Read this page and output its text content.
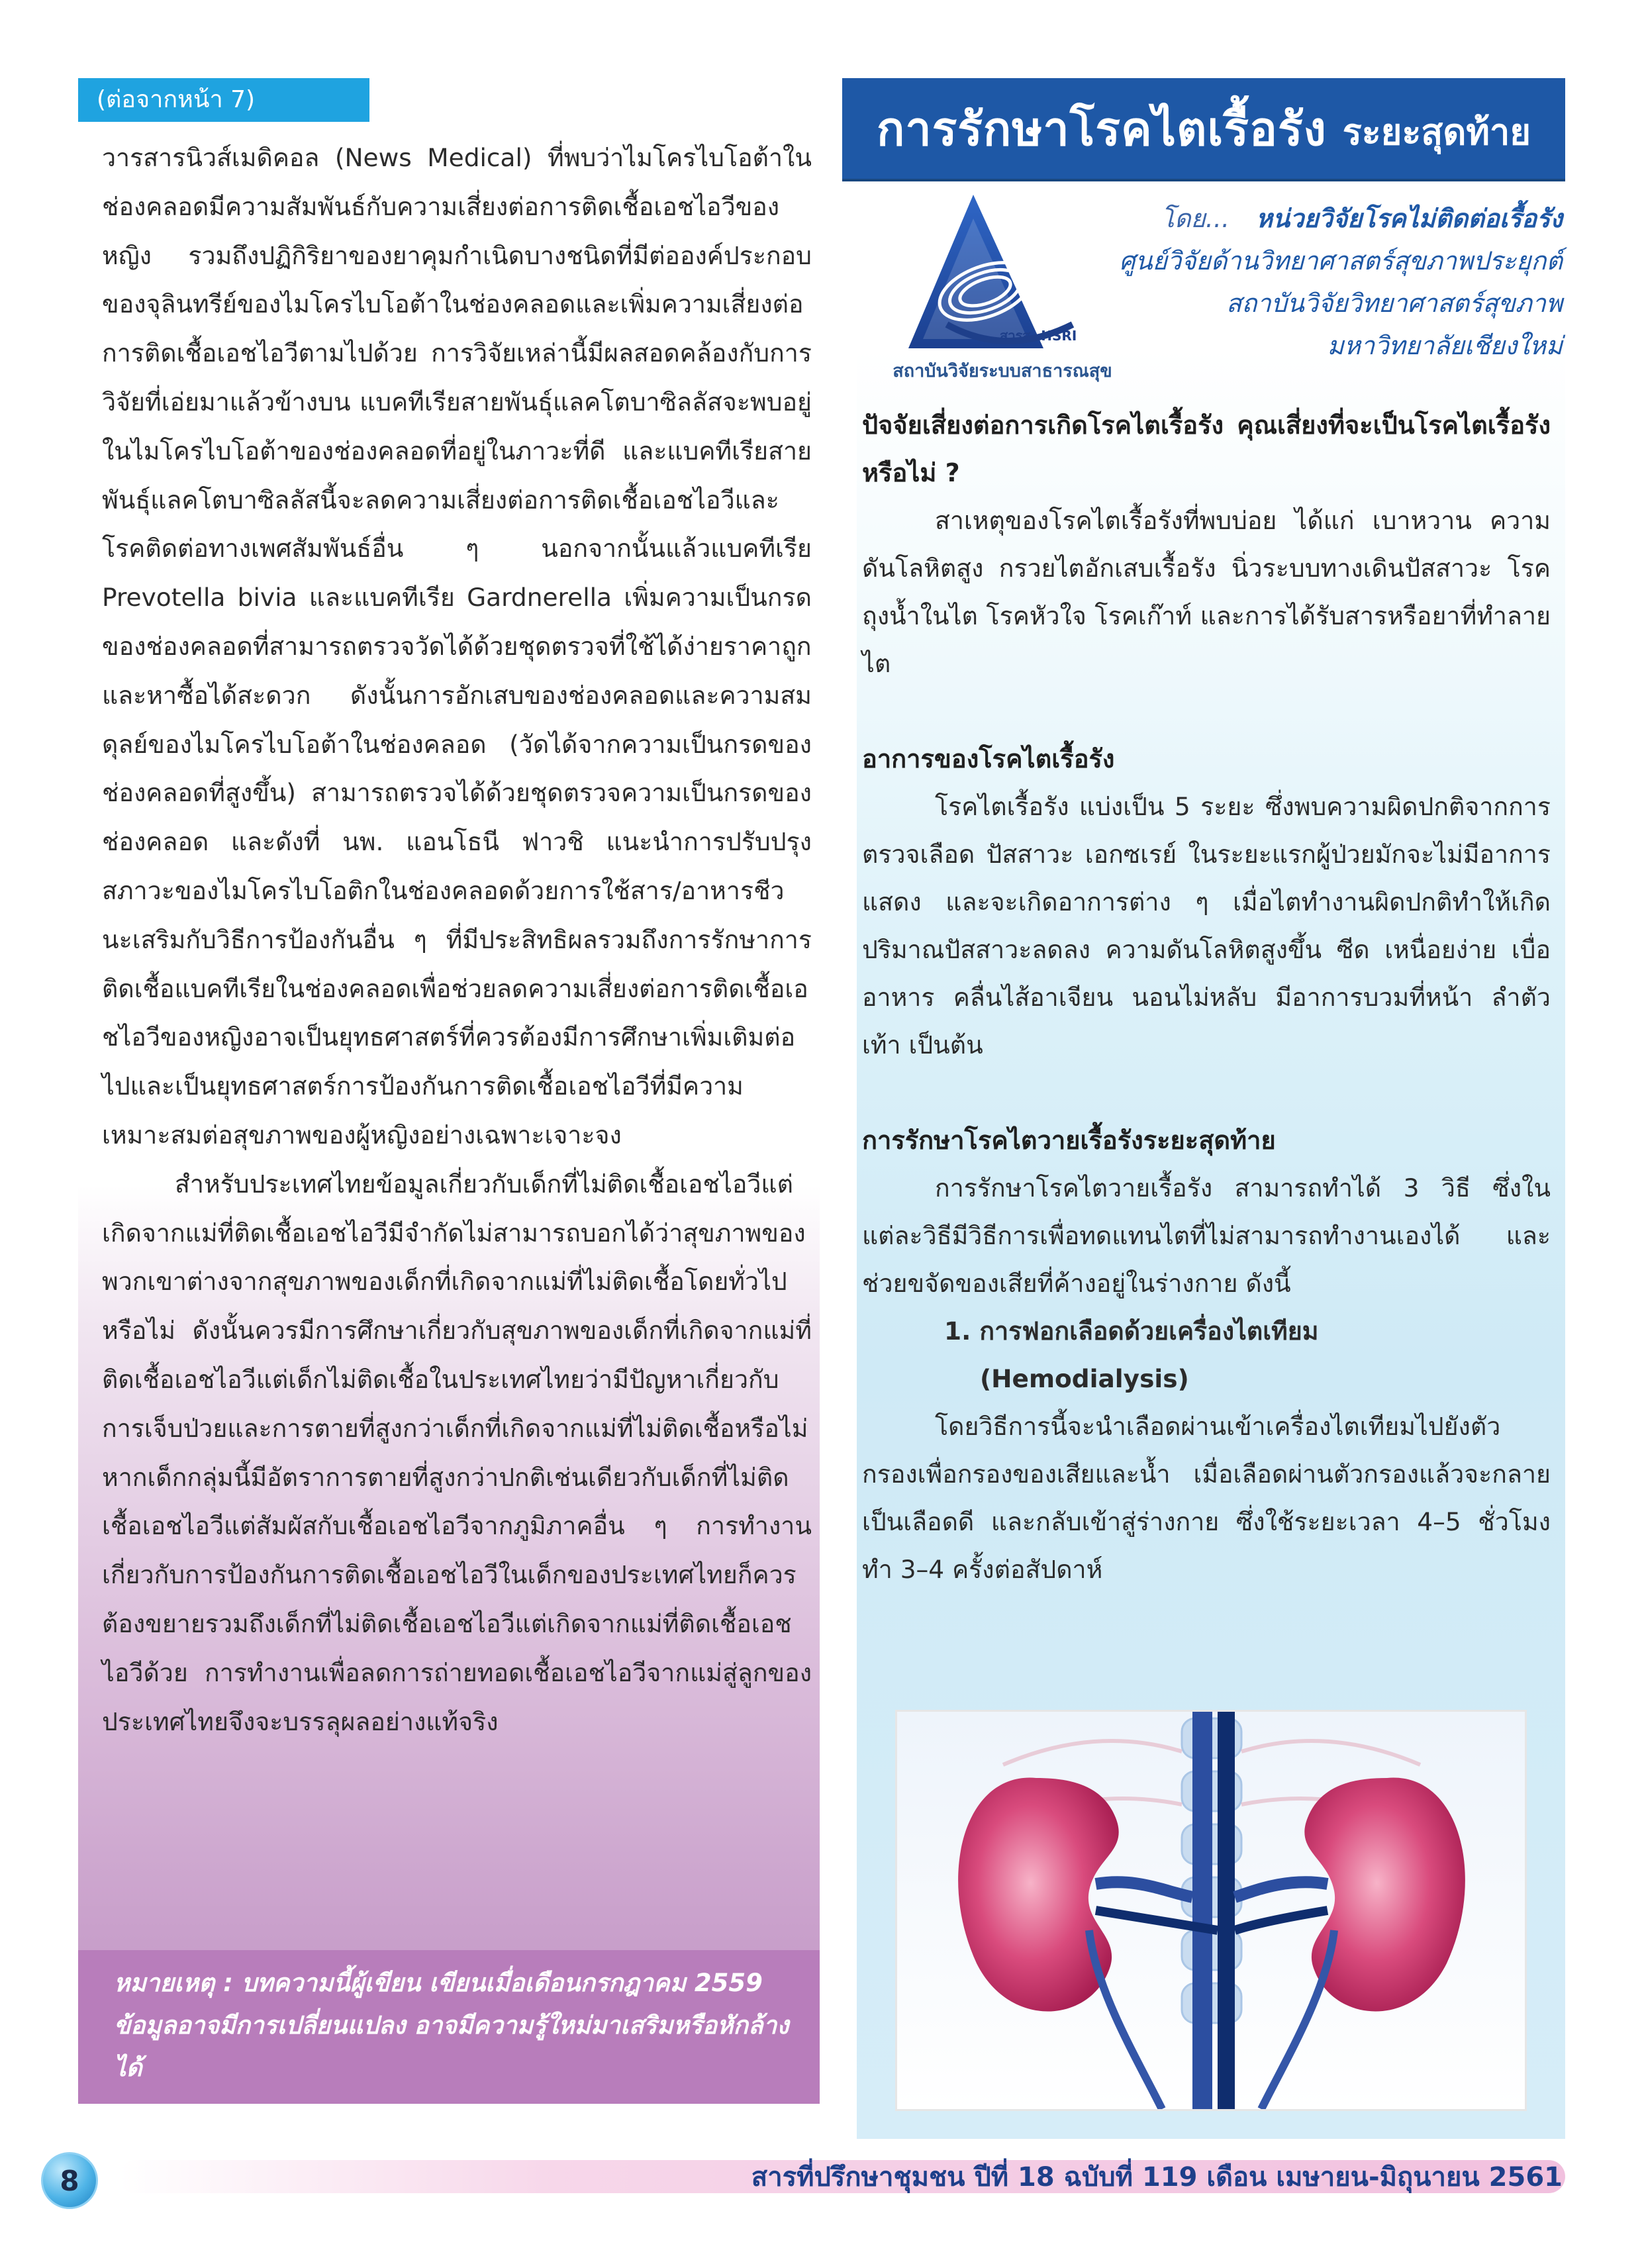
(ต่อจากหน้า 7)

วารสารนิวส์เมดิคอล (News Medical) ที่พบว่าไมโครไบโอต้าในช่องคลอดมีความสัมพันธ์กับความเสี่ยงต่อการติดเชื้อเอชไอวีของหญิง รวมถึงปฏิกิริยาของยาคุมกำเนิดบางชนิดที่มีต่อองค์ประกอบของจุลินทรีย์ของไมโครไบโอต้าในช่องคลอดและเพิ่มความเสี่ยงต่อการติดเชื้อเอชไอวีตามไปด้วย การวิจัยเหล่านี้มีผลสอดคล้องกับการวิจัยที่เอ่ยมาแล้วข้างบน แบคทีเรียสายพันธุ์แลคโตบาซิลลัสจะพบอยู่ในไมโครไบโอต้าของช่องคลอดที่อยู่ในภาวะที่ดี และแบคทีเรียสายพันธุ์แลคโตบาซิลลัสนี้จะลดความเสี่ยงต่อการติดเชื้อเอชไอวีและโรคติดต่อทางเพศสัมพันธ์อื่น ๆ นอกจากนั้นแล้วแบคทีเรีย Prevotella bivia และแบคทีเรีย Gardnerella เพิ่มความเป็นกรดของช่องคลอดที่สามารถตรวจวัดได้ด้วยชุดตรวจที่ใช้ได้ง่ายราคาถูก และหาซื้อได้สะดวก ดังนั้นการอักเสบของช่องคลอดและความสมดุลย์ของไมโครไบโอต้าในช่องคลอด (วัดได้จากความเป็นกรดของช่องคลอดที่สูงขึ้น) สามารถตรวจได้ด้วยชุดตรวจความเป็นกรดของช่องคลอด และดังที่ นพ. แอนโธนี ฟาวชิ แนะนำการปรับปรุงสภาวะของไมโครไบโอติกในช่องคลอดด้วยการใช้สาร/อาหารชีวนะเสริมกับวิธีการป้องกันอื่น ๆ ที่มีประสิทธิผลรวมถึงการรักษาการติดเชื้อแบคทีเรียในช่องคลอดเพื่อช่วยลดความเสี่ยงต่อการติดเชื้อเอชไอวีของหญิงอาจเป็นยุทธศาสตร์ที่ควรต้องมีการศึกษาเพิ่มเติมต่อไปและเป็นยุทธศาสตร์การป้องกันการติดเชื้อเอชไอวีที่มีความเหมาะสมต่อสุขภาพของผู้หญิงอย่างเฉพาะเจาะจง

สำหรับประเทศไทยข้อมูลเกี่ยวกับเด็กที่ไม่ติดเชื้อเอชไอวีแต่เกิดจากแม่ที่ติดเชื้อเอชไอวีมีจำกัดไม่สามารถบอกได้ว่าสุขภาพของพวกเขาต่างจากสุขภาพของเด็กที่เกิดจากแม่ที่ไม่ติดเชื้อโดยทั่วไปหรือไม่ ดังนั้นควรมีการศึกษาเกี่ยวกับสุขภาพของเด็กที่เกิดจากแม่ที่ติดเชื้อเอชไอวีแต่เด็กไม่ติดเชื้อในประเทศไทยว่ามีปัญหาเกี่ยวกับการเจ็บป่วยและการตายที่สูงกว่าเด็กที่เกิดจากแม่ที่ไม่ติดเชื้อหรือไม่ หากเด็กกลุ่มนี้มีอัตราการตายที่สูงกว่าปกติเช่นเดียวกับเด็กที่ไม่ติดเชื้อเอชไอวีแต่สัมผัสกับเชื้อเอชไอวีจากภูมิภาคอื่น ๆ การทำงานเกี่ยวกับการป้องกันการติดเชื้อเอชไอวีในเด็กของประเทศไทยก็ควรต้องขยายรวมถึงเด็กที่ไม่ติดเชื้อเอชไอวีแต่เกิดจากแม่ที่ติดเชื้อเอชไอวีด้วย การทำงานเพื่อลดการถ่ายทอดเชื้อเอชไอวีจากแม่สู่ลูกของประเทศไทยจึงจะบรรลุผลอย่างแท้จริง

หมายเหตุ : บทความนี้ผู้เขียน เขียนเมื่อเดือนกรกฎาคม 2559 ข้อมูลอาจมีการเปลี่ยนแปลง อาจมีความรู้ใหม่มาเสริมหรือหักล้างได้
การรักษาโรคไตเรื้อรัง ระยะสุดท้าย
สวรส.-HSRI
สถาบันวิจัยระบบสาธารณสุข
โดย... หน่วยวิจัยโรคไม่ติดต่อเรื้อรัง
ศูนย์วิจัยด้านวิทยาศาสตร์สุขภาพประยุกต์
สถาบันวิจัยวิทยาศาสตร์สุขภาพ
มหาวิทยาลัยเชียงใหม่
ปัจจัยเสี่ยงต่อการเกิดโรคไตเรื้อรัง คุณเสี่ยงที่จะเป็นโรคไตเรื้อรังหรือไม่ ?

สาเหตุของโรคไตเรื้อรังที่พบบ่อย ได้แก่ เบาหวาน ความดันโลหิตสูง กรวยไตอักเสบเรื้อรัง นิ่วระบบทางเดินปัสสาวะ โรคถุงน้ำในไต โรคหัวใจ โรคเก๊าท์ และการได้รับสารหรือยาที่ทำลายไต

อาการของโรคไตเรื้อรัง

โรคไตเรื้อรัง แบ่งเป็น 5 ระยะ ซึ่งพบความผิดปกติจากการตรวจเลือด ปัสสาวะ เอกซเรย์ ในระยะแรกผู้ป่วยมักจะไม่มีอาการแสดง และจะเกิดอาการต่าง ๆ เมื่อไตทำงานผิดปกติทำให้เกิดปริมาณปัสสาวะลดลง ความดันโลหิตสูงขึ้น ซีด เหนื่อยง่าย เบื่ออาหาร คลื่นไส้อาเจียน นอนไม่หลับ มีอาการบวมที่หน้า ลำตัว เท้า เป็นต้น

การรักษาโรคไตวายเรื้อรังระยะสุดท้าย

การรักษาโรคไตวายเรื้อรัง สามารถทำได้ 3 วิธี ซึ่งในแต่ละวิธีมีวิธีการเพื่อทดแทนไตที่ไม่สามารถทำงานเองได้ และช่วยขจัดของเสียที่ค้างอยู่ในร่างกาย ดังนี้

1. การฟอกเลือดด้วยเครื่องไตเทียม
(Hemodialysis)

โดยวิธีการนี้จะนำเลือดผ่านเข้าเครื่องไตเทียมไปยังตัวกรองเพื่อกรองของเสียและน้ำ เมื่อเลือดผ่านตัวกรองแล้วจะกลายเป็นเลือดดี และกลับเข้าสู่ร่างกาย ซึ่งใช้ระยะเวลา 4–5 ชั่วโมง ทำ 3–4 ครั้งต่อสัปดาห์

8	สารที่ปรึกษาชุมชน ปีที่ 18 ฉบับที่ 119 เดือน เมษายน-มิถุนายน 2561
